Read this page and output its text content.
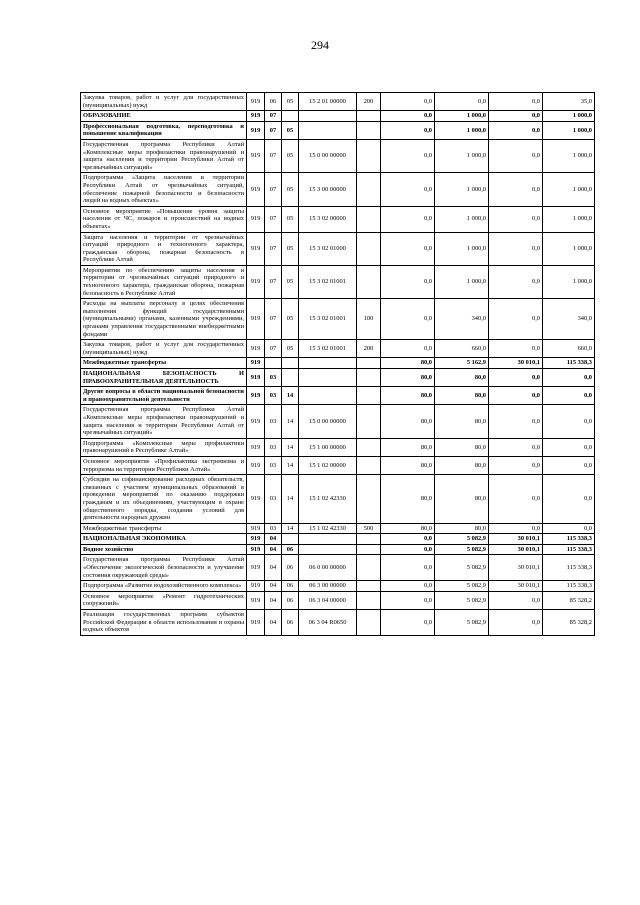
294
Закупка товаров, работ и услуг для государственных (муниципальных) нужд	919	06	05	15 2 01 00000	200	0,0	0,0	0,0	35,0
ОБРАЗОВАНИЕ	919	07				0,0	1 000,0	0,0	1 000,0
Профессиональная подготовка, переподготовка и повышение квалификации	919	07	05			0,0	1 000,0	0,0	1 000,0
Государственная программа Республики Алтай «Комплексные меры профилактики правонарушений и защита населения и территории Республики Алтай от чрезвычайных ситуаций»	919	07	05	15 0 00 00000		0,0	1 000,0	0,0	1 000,0
Подпрограмма «Защита населения и территории Республики Алтай от чрезвычайных ситуаций, обеспечение пожарной безопасности и безопасности людей на водных объектах»	919	07	05	15 3 00 00000		0,0	1 000,0	0,0	1 000,0
Основное мероприятие «Повышение уровня защиты населения от ЧС, пожаров и происшествий на водных объектах»	919	07	05	15 3 02 00000		0,0	1 000,0	0,0	1 000,0
Защита населения и территории от чрезвычайных ситуаций природного и техногенного характера, гражданская оборона, пожарная безопасность в Республике Алтай	919	07	05	15 3 02 01000		0,0	1 000,0	0,0	1 000,0
Мероприятия по обеспечению защиты населения и территории от чрезвычайных ситуаций природного и техногенного характера, гражданская оборона, пожарная безопасность в Республике Алтай	919	07	05	15 3 02 01001		0,0	1 000,0	0,0	1 000,0
Расходы на выплаты персоналу в целях обеспечения выполнения функций государственными (муниципальными) органами, казенными учреждениями, органами управления государственными внебюджетными фондами	919	07	05	15 3 02 01001	100	0,0	340,0	0,0	340,0
Закупка товаров, работ и услуг для государственных (муниципальных) нужд	919	07	05	15 3 02 01001	200	0,0	660,0	0,0	660,0
Межбюджетные трансферты	919					80,0	5 162,9	30 010,1	115 338,3
НАЦИОНАЛЬНАЯ БЕЗОПАСНОСТЬ И ПРАВООХРАНИТЕЛЬНАЯ ДЕЯТЕЛЬНОСТЬ	919	03				80,0	80,0	0,0	0,0
Другие вопросы в области национальной безопасности и правоохранительной деятельности	919	03	14			80,0	80,0	0,0	0,0
Государственная программа Республики Алтай «Комплексные меры профилактики правонарушений и защита населения и территории Республики Алтай от чрезвычайных ситуаций»	919	03	14	15 0 00 00000		80,0	80,0	0,0	0,0
Подпрограмма «Комплексные меры профилактики правонарушений в Республике Алтай»	919	03	14	15 1 00 00000		80,0	80,0	0,0	0,0
Основное мероприятие «Профилактика экстремизма и терроризма на территории Республики Алтай»	919	03	14	15 1 02 00000		80,0	80,0	0,0	0,0
Субсидии на софинансирование расходных обязательств, связанных с участием муниципальных образований в проведении мероприятий по оказанию поддержки гражданам и их объединениям, участвующим в охране общественного порядка, создании условий для деятельности народных дружин	919	03	14	15 1 02 42330		80,0	80,0	0,0	0,0
Межбюджетные трансферты	919	03	14	15 1 02 42330	500	80,0	80,0	0,0	0,0
НАЦИОНАЛЬНАЯ ЭКОНОМИКА	919	04				0,0	5 082,9	30 010,1	115 338,3
Водное хозяйство	919	04	06			0,0	5 082,9	30 010,1	115 338,3
Государственная программа Республики Алтай «Обеспечение экологической безопасности и улучшение состояния окружающей среды»	919	04	06	06 0 00 00000		0,0	5 082,9	30 010,1	115 338,3
Подпрограмма «Развитие водохозяйственного комплекса»	919	04	06	06 3 00 00000		0,0	5 082,9	30 010,1	115 338,3
Основное мероприятие «Ремонт гидротехнических сооружений»	919	04	06	06 3 04 00000		0,0	5 082,9	0,0	85 328,2
Реализация государственных программ субъектов Российской Федерации в области использования и охраны водных объектов	919	04	06	06 3 04 R0650		0,0	5 082,9	0,0	85 328,2
